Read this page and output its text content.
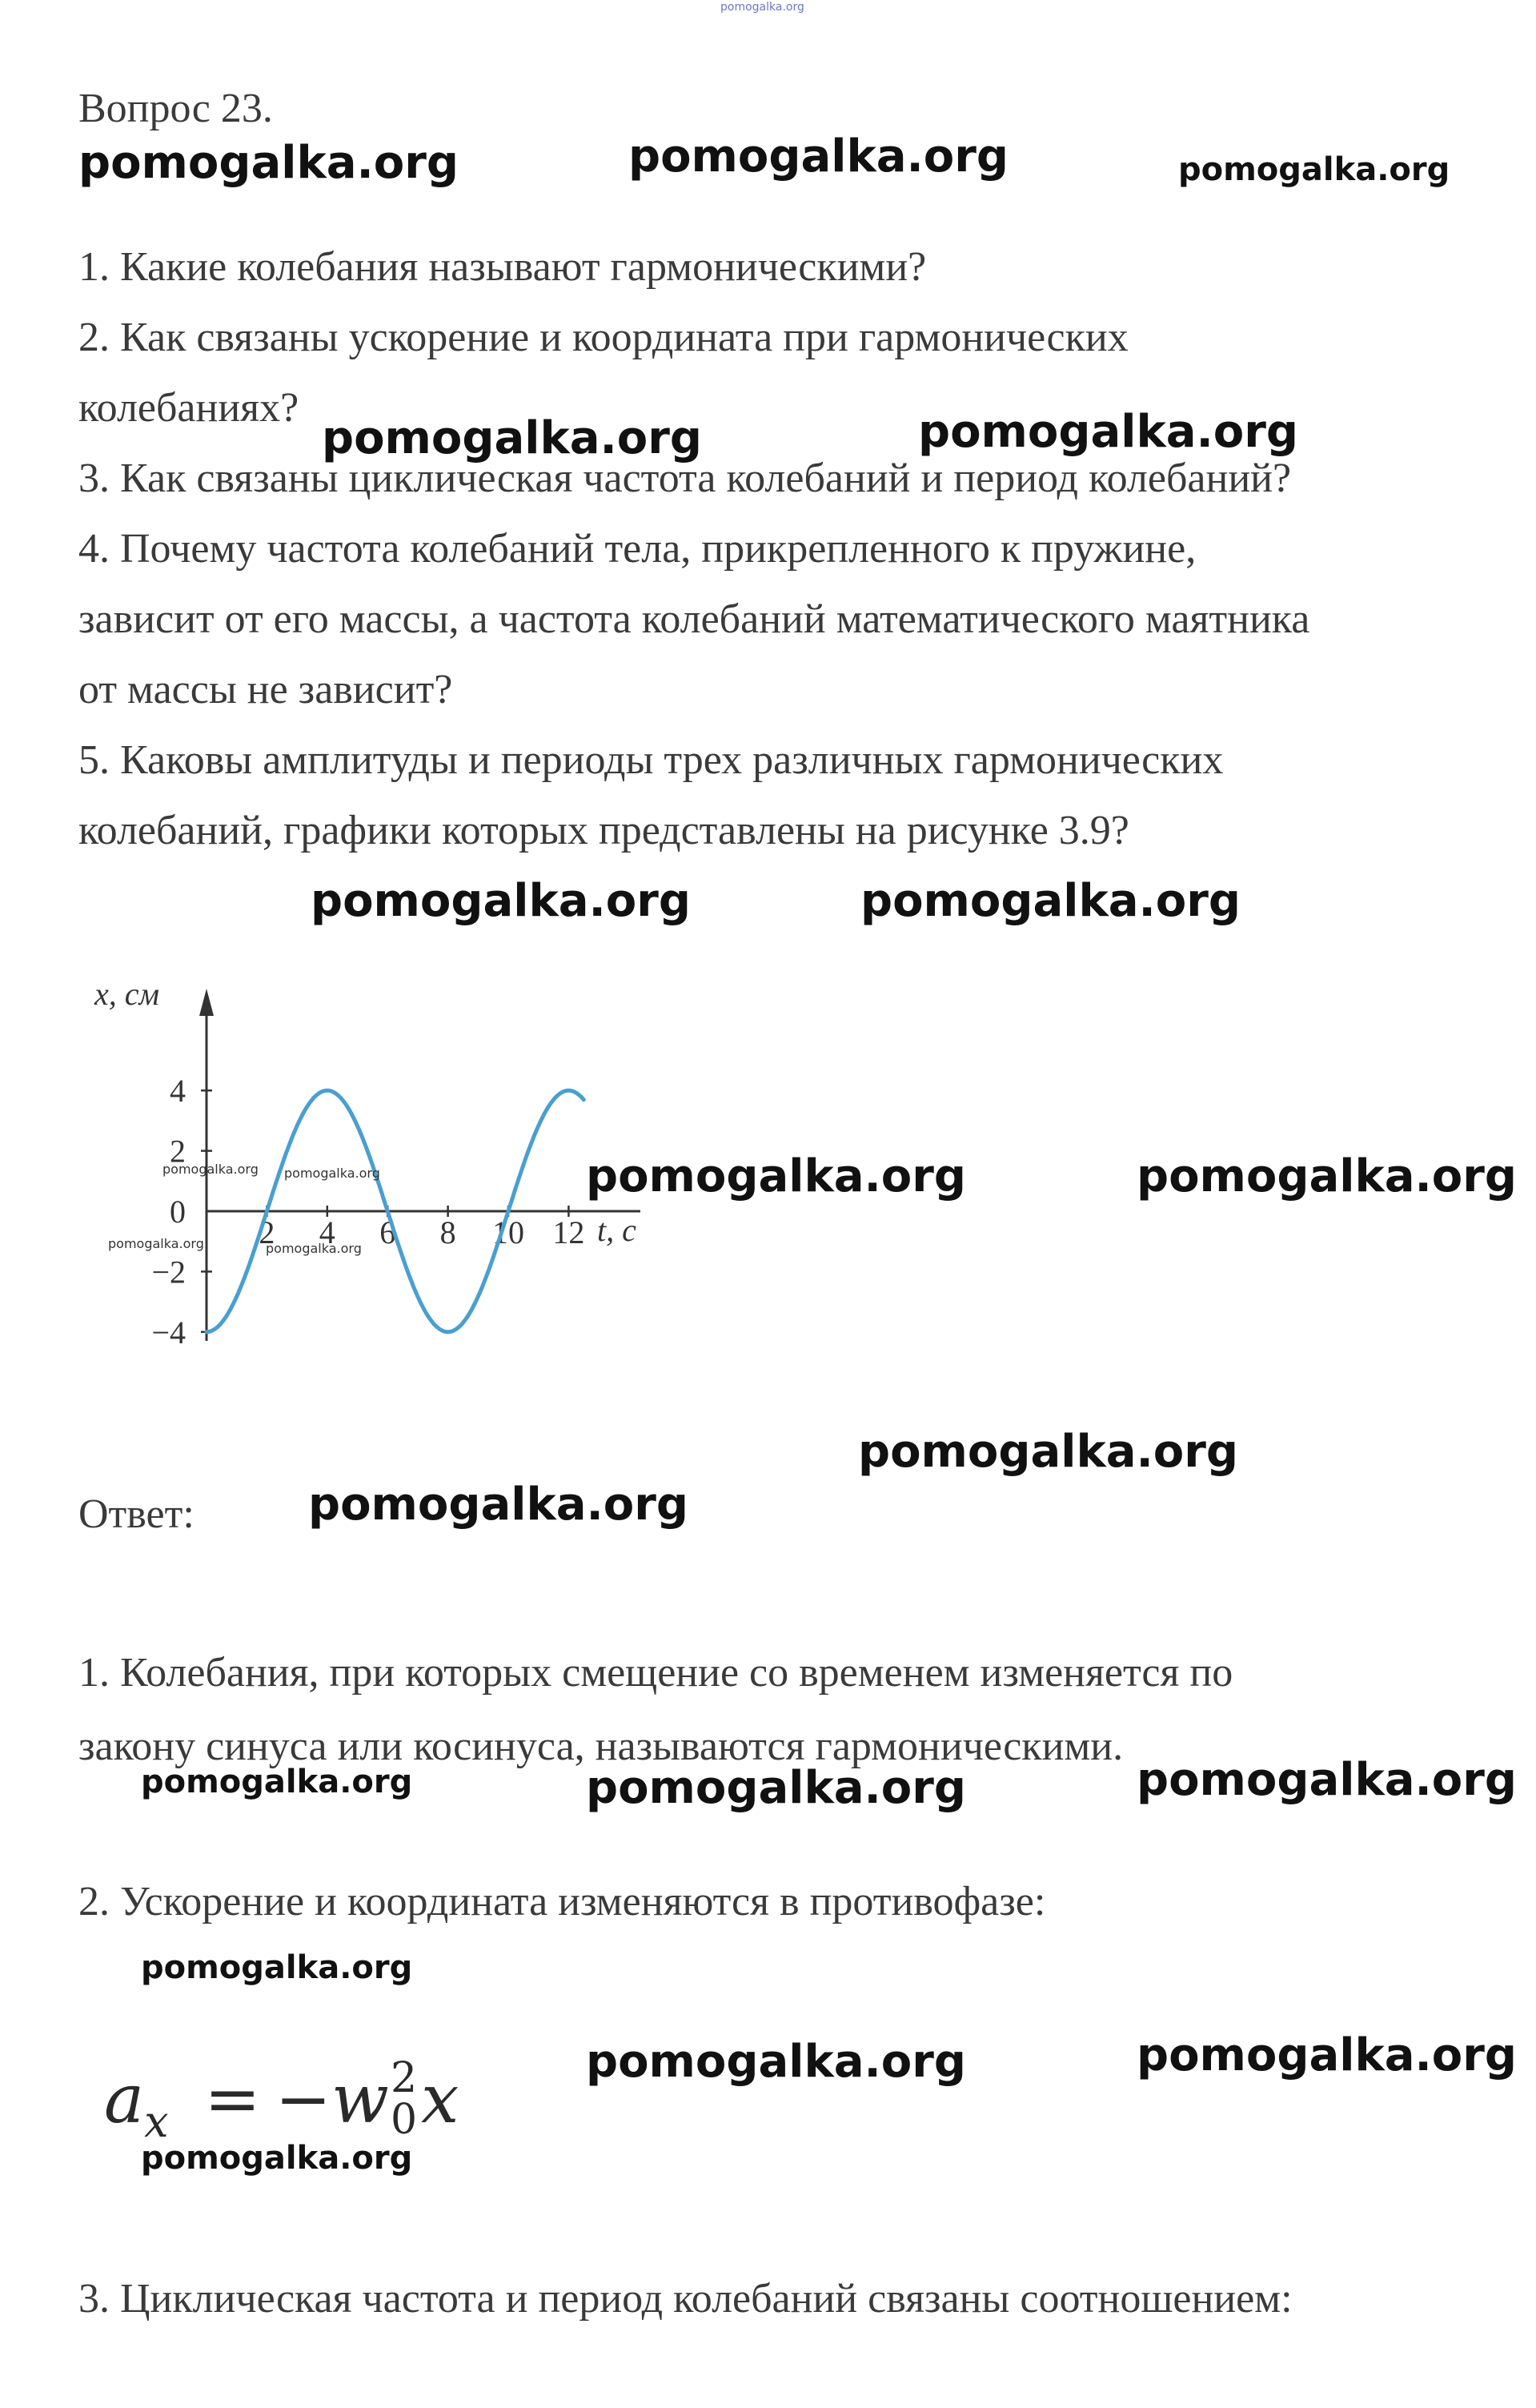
pomogalka.org
Вопрос 23.
pomogalka.org	pomogalka.org	pomogalka.org
1. Какие колебания называют гармоническими?
2. Как связаны ускорение и координата при гармонических
колебаниях?
3. Как связаны циклическая частота колебаний и период колебаний?
4. Почему частота колебаний тела, прикрепленного к пружине,
зависит от его массы, а частота колебаний математического маятника
от массы не зависит?
5. Каковы амплитуды и периоды трех различных гармонических
колебаний, графики которых представлены на рисунке 3.9?
pomogalka.org	pomogalka.org
pomogalka.org	pomogalka.org
2 4 6 8 10 12
4
2
0
−2
−4
x, см
t, c
pomogalka.org pomogalka.org
pomogalka.org	pomogalka.org
pomogalka.org	pomogalka.org
pomogalka.org
Ответ:	pomogalka.org
1. Колебания, при которых смещение со временем изменяется по
закону синуса или косинуса, называются гармоническими.
pomogalka.org	pomogalka.org	pomogalka.org
2. Ускорение и координата изменяются в противофазе:
pomogalka.org
$a_x = -w$ 2
0 x	pomogalka.org	pomogalka.org
pomogalka.org
3. Циклическая частота и период колебаний связаны соотношением:
